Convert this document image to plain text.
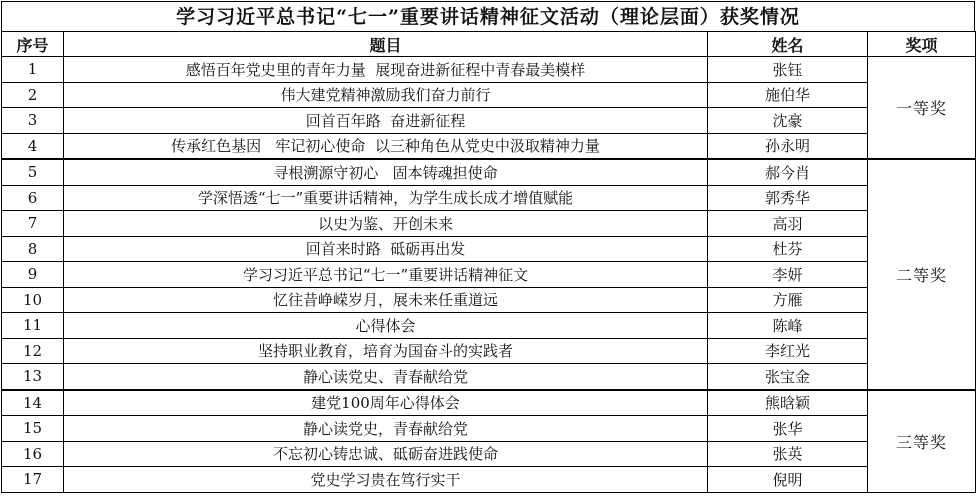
学习习近平总书记“七一”重要讲话精神征文活动（理论层面）获奖情况
序号	题目	姓名	奖项
1	感悟百年党史里的青年力量  展现奋进新征程中青春最美模样	张钰	一等奖
2	伟大建党精神激励我们奋力前行	施伯华	
3	回首百年路  奋进新征程	沈豪	
4	传承红色基因   牢记初心使命  以三种角色从党史中汲取精神力量	孙永明	
5	寻根溯源守初心   固本铸魂担使命	郝今肖	二等奖
6	学深悟透“七一”重要讲话精神，为学生成长成才增值赋能	郭秀华	
7	以史为鉴、开创未来	高羽	
8	回首来时路  砥砺再出发	杜芬	
9	学习习近平总书记“七一”重要讲话精神征文	李妍	
10	忆往昔峥嵘岁月，展未来任重道远	方雁	
11	心得体会	陈峰	
12	坚持职业教育，培育为国奋斗的实践者	李红光	
13	静心读党史、青春献给党	张宝金	
14	建党100周年心得体会	熊晗颖	三等奖
15	静心读党史，青春献给党	张华	
16	不忘初心铸忠诚、砥砺奋进践使命	张英	
17	党史学习贵在笃行实干	倪明	
